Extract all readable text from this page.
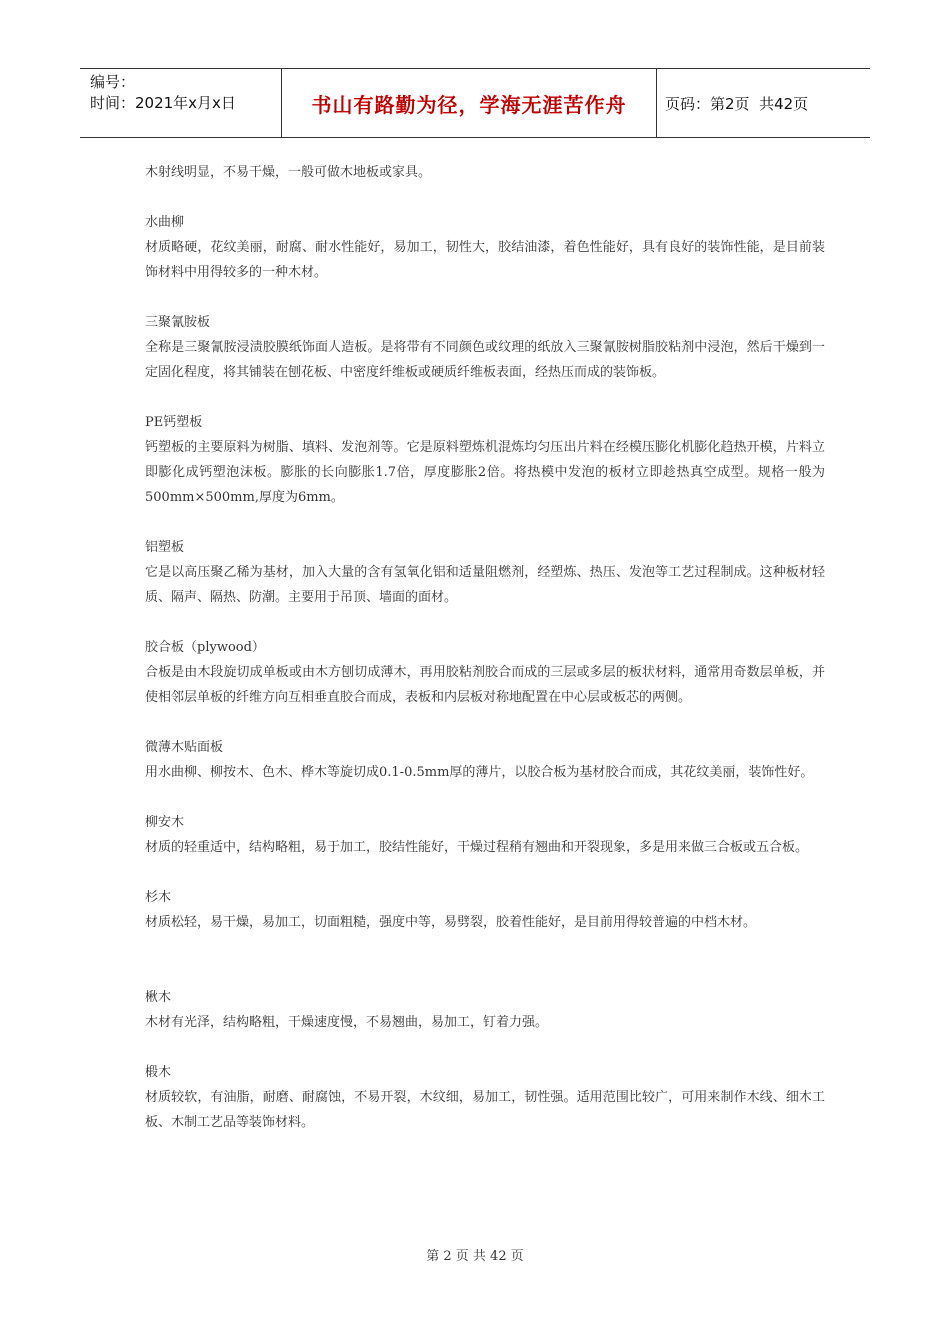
编号：
时间：2021年x月x日	书山有路勤为径，学海无涯苦作舟	页码：第2页  共42页

木射线明显，不易干燥，一般可做木地板或家具。

水曲柳

材质略硬，花纹美丽，耐腐、耐水性能好，易加工，韧性大，胶结油漆，着色性能好，具有良好的装饰性能，是目前装饰材料中用得较多的一种木材。

三聚氰胺板

全称是三聚氰胺浸渍胶膜纸饰面人造板。是将带有不同颜色或纹理的纸放入三聚氰胺树脂胶粘剂中浸泡，然后干燥到一定固化程度，将其铺装在刨花板、中密度纤维板或硬质纤维板表面，经热压而成的装饰板。

PE钙塑板

钙塑板的主要原料为树脂、填料、发泡剂等。它是原料塑炼机混炼均匀压出片料在经模压膨化机膨化趋热开模，片料立即膨化成钙塑泡沫板。膨胀的长向膨胀1.7倍，厚度膨胀2倍。将热模中发泡的板材立即趁热真空成型。规格一般为500mm×500mm,厚度为6mm。

铝塑板

它是以高压聚乙稀为基材，加入大量的含有氢氧化铝和适量阻燃剂，经塑炼、热压、发泡等工艺过程制成。这种板材轻质、隔声、隔热、防潮。主要用于吊顶、墙面的面材。

胶合板（plywood）

合板是由木段旋切成单板或由木方刨切成薄木，再用胶粘剂胶合而成的三层或多层的板状材料，通常用奇数层单板，并使相邻层单板的纤维方向互相垂直胶合而成，表板和内层板对称地配置在中心层或板芯的两侧。

微薄木贴面板

用水曲柳、柳按木、色木、桦木等旋切成0.1-0.5mm厚的薄片，以胶合板为基材胶合而成，其花纹美丽，装饰性好。

柳安木

材质的轻重适中，结构略粗，易于加工，胶结性能好，干燥过程稍有翘曲和开裂现象，多是用来做三合板或五合板。

杉木

材质松轻，易干燥，易加工，切面粗糙，强度中等，易劈裂，胶着性能好，是目前用得较普遍的中档木材。

楸木

木材有光泽，结构略粗，干燥速度慢，不易翘曲，易加工，钉着力强。

椴木

材质较软，有油脂，耐磨、耐腐蚀，不易开裂，木纹细，易加工，韧性强。适用范围比较广，可用来制作木线、细木工板、木制工艺品等装饰材料。

第 2 页 共 42 页
